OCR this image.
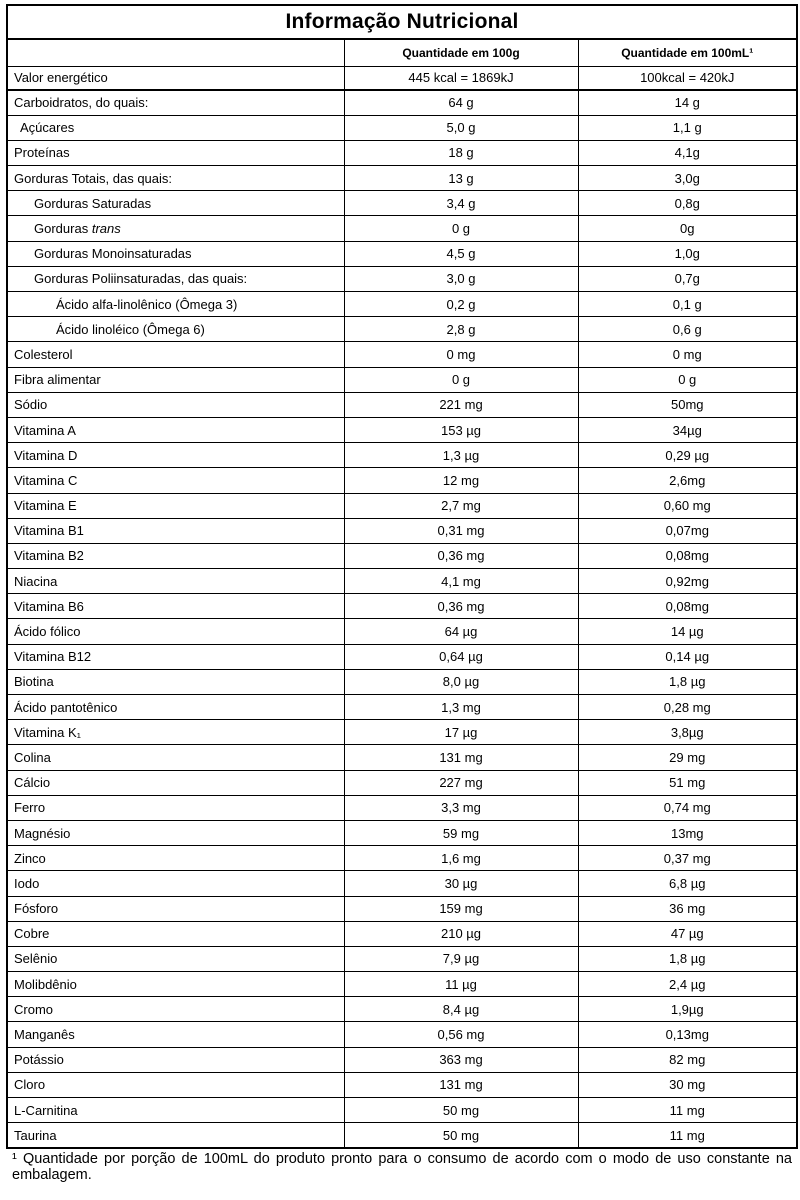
Informação Nutricional
	Quantidade em 100g	Quantidade em 100mL¹
Valor energético	445 kcal = 1869kJ	100kcal = 420kJ
Carboidratos, do quais:	64 g	14 g
Açúcares	5,0 g	1,1 g
Proteínas	18 g	4,1g
Gorduras Totais, das quais:	13 g	3,0g
Gorduras Saturadas	3,4 g	0,8g
Gorduras trans	0 g	0g
Gorduras Monoinsaturadas	4,5 g	1,0g
Gorduras Poliinsaturadas, das quais:	3,0 g	0,7g
Ácido alfa-linolênico (Ômega 3)	0,2 g	0,1 g
Ácido linoléico (Ômega 6)	2,8 g	0,6 g
Colesterol	0 mg	0 mg
Fibra alimentar	0 g	0 g
Sódio	221 mg	50mg
Vitamina A	153 µg	34µg
Vitamina D	1,3 µg	0,29 µg
Vitamina C	12 mg	2,6mg
Vitamina E	2,7 mg	0,60 mg
Vitamina B1	0,31 mg	0,07mg
Vitamina B2	0,36 mg	0,08mg
Niacina	4,1 mg	0,92mg
Vitamina B6	0,36 mg	0,08mg
Ácido fólico	64 µg	14 µg
Vitamina B12	0,64 µg	0,14 µg
Biotina	8,0 µg	1,8 µg
Ácido pantotênico	1,3 mg	0,28 mg
Vitamina K₁	17 µg	3,8µg
Colina	131 mg	29 mg
Cálcio	227 mg	51 mg
Ferro	3,3 mg	0,74 mg
Magnésio	59 mg	13mg
Zinco	1,6 mg	0,37 mg
Iodo	30 µg	6,8 µg
Fósforo	159 mg	36 mg
Cobre	210 µg	47 µg
Selênio	7,9 µg	1,8 µg
Molibdênio	11 µg	2,4 µg
Cromo	8,4 µg	1,9µg
Manganês	0,56 mg	0,13mg
Potássio	363 mg	82 mg
Cloro	131 mg	30 mg
L-Carnitina	50 mg	11 mg
Taurina	50 mg	11 mg
¹ Quantidade por porção de 100mL do produto pronto para o consumo de acordo com o modo de uso constante na embalagem.
